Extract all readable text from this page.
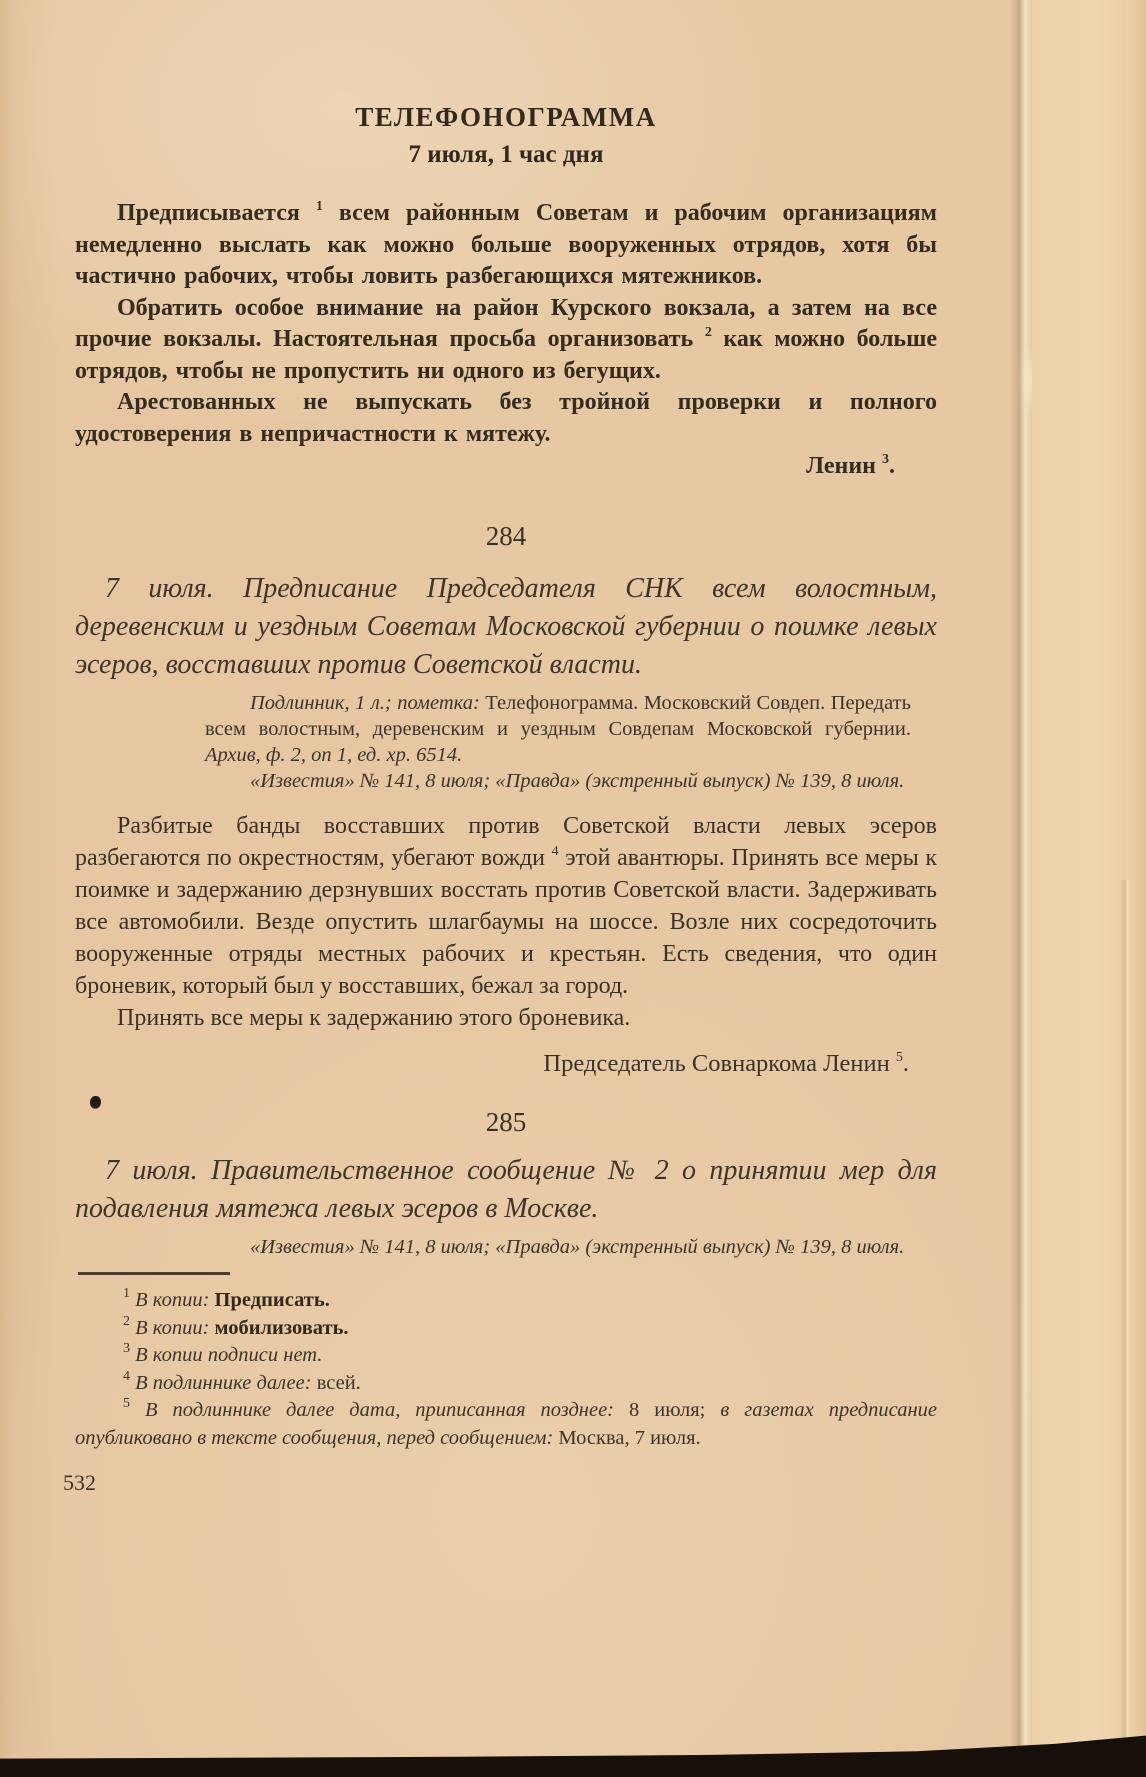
ТЕЛЕФОНОГРАММА
7 июля, 1 час дня

Предписывается $^1$ всем районным Советам и рабочим организациям немедленно выслать как можно больше вооруженных отрядов, хотя бы частично рабочих, чтобы ловить разбегающихся мятежников.

Обратить особое внимание на район Курского вокзала, а затем на все прочие вокзалы. Настоятельная просьба организовать $^2$ как можно больше отрядов, чтобы не пропустить ни одного из бегущих.

Арестованных не выпускать без тройной проверки и полного удостоверения в непричастности к мятежу.

Ленин $^3$.

284

7 июля. Предписание Председателя СНК всем волостным, деревенским и уездным Советам Московской губернии о поимке левых эсеров, восставших против Советской власти.

Подлинник, 1 л.; пометка: Телефонограмма. Московский Совдеп. Передать всем волостным, деревенским и уездным Совдепам Московской губернии. Архив, ф. 2, оп 1, ед. хр. 6514.

«Известия» № 141, 8 июля; «Правда» (экстренный выпуск) № 139, 8 июля.

Разбитые банды восставших против Советской власти левых эсеров разбегаются по окрестностям, убегают вожди $^4$ этой авантюры. Принять все меры к поимке и задержанию дерзнувших восстать против Советской власти. Задерживать все автомобили. Везде опустить шлагбаумы на шоссе. Возле них сосредоточить вооруженные отряды местных рабочих и крестьян. Есть сведения, что один броневик, который был у восставших, бежал за город.

Принять все меры к задержанию этого броневика.

Председатель Совнаркома Ленин $^5$.

285

7 июля. Правительственное сообщение № 2 о принятии мер для подавления мятежа левых эсеров в Москве.

«Известия» № 141, 8 июля; «Правда» (экстренный выпуск) № 139, 8 июля.

$^1$ В копии: Предписать.

$^2$ В копии: мобилизовать.

$^3$ В копии подписи нет.

$^4$ В подлиннике далее: всей.

$^5$ В подлиннике далее дата, приписанная позднее: 8 июля; в газетах предписание опубликовано в тексте сообщения, перед сообщением: Москва, 7 июля.

532
